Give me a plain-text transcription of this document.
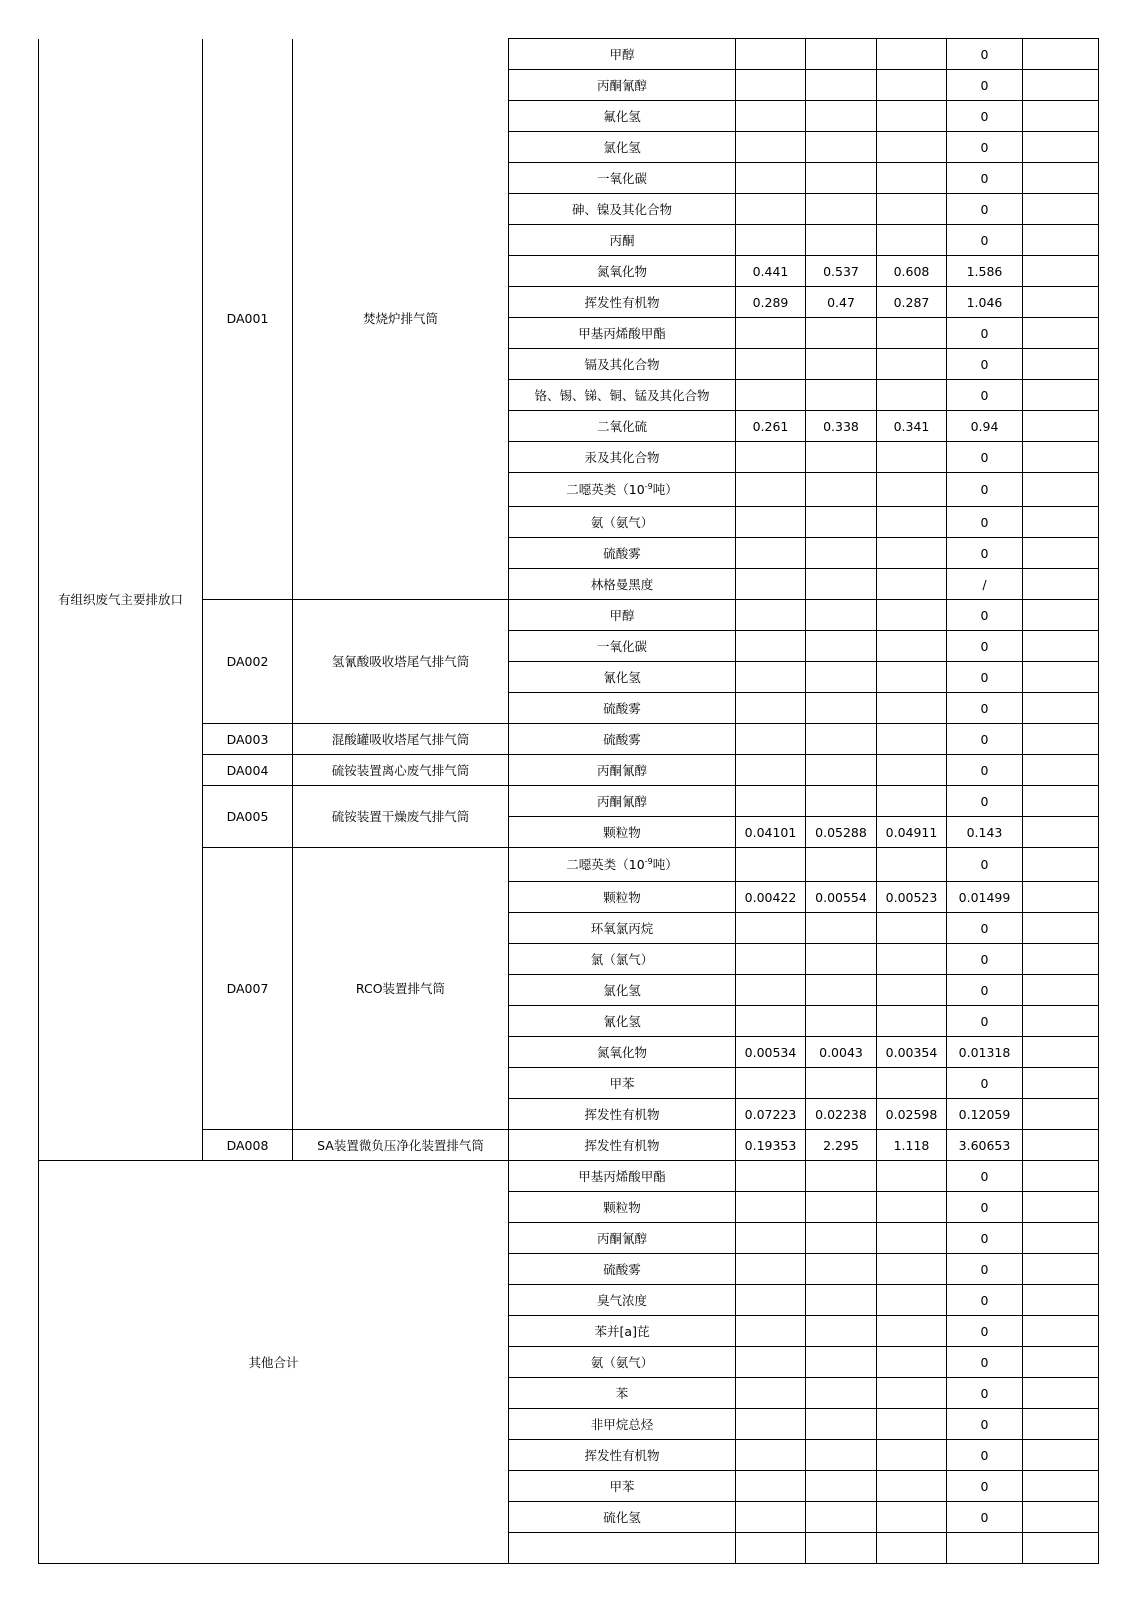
有组织废气主要排放口	DA001	焚烧炉排气筒	甲醇				0	
			丙酮氰醇				0	
			氟化氢				0	
			氯化氢				0	
			一氧化碳				0	
			砷、镍及其化合物				0	
			丙酮				0	
			氮氧化物	0.441	0.537	0.608	1.586	
			挥发性有机物	0.289	0.47	0.287	1.046	
			甲基丙烯酸甲酯				0	
			镉及其化合物				0	
			铬、锡、锑、铜、锰及其化合物				0	
			二氧化硫	0.261	0.338	0.341	0.94	
			汞及其化合物				0	
			二噁英类（$10^{-9}$吨）				0	
			氨（氨气）				0	
			硫酸雾				0	
			林格曼黑度				/	
	DA002	氢氰酸吸收塔尾气排气筒	甲醇				0	
			一氧化碳				0	
			氰化氢				0	
			硫酸雾				0	
	DA003	混酸罐吸收塔尾气排气筒	硫酸雾				0	
	DA004	硫铵装置离心废气排气筒	丙酮氰醇				0	
	DA005	硫铵装置干燥废气排气筒	丙酮氰醇				0	
			颗粒物	0.04101	0.05288	0.04911	0.143	
	DA007	RCO装置排气筒	二噁英类（$10^{-9}$吨）				0	
			颗粒物	0.00422	0.00554	0.00523	0.01499	
			环氧氯丙烷				0	
			氯（氯气）				0	
			氯化氢				0	
			氰化氢				0	
			氮氧化物	0.00534	0.0043	0.00354	0.01318	
			甲苯				0	
			挥发性有机物	0.07223	0.02238	0.02598	0.12059	
	DA008	SA装置微负压净化装置排气筒	挥发性有机物	0.19353	2.295	1.118	3.60653	
其他合计			甲基丙烯酸甲酯				0	
			颗粒物				0	
			丙酮氰醇				0	
			硫酸雾				0	
			臭气浓度				0	
			苯并[a]芘				0	
			氨（氨气）				0	
			苯				0	
			非甲烷总烃				0	
			挥发性有机物				0	
			甲苯				0	
			硫化氢				0	
